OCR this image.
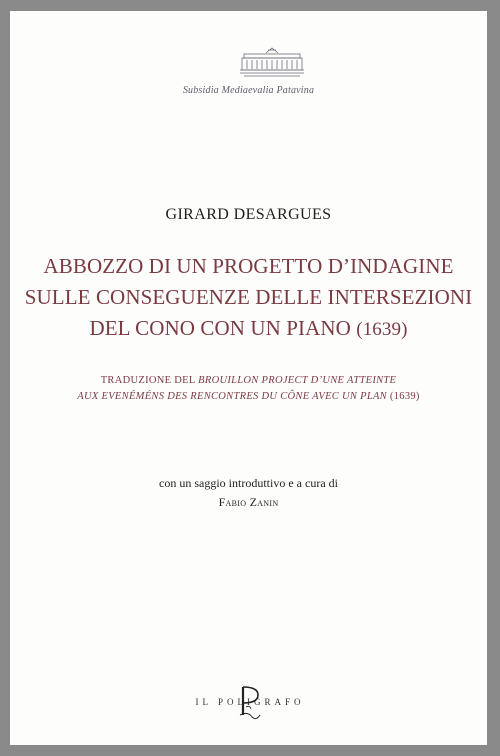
Subsidia Mediaevalia Patavina
GIRARD DESARGUES
ABBOZZO DI UN PROGETTO D’INDAGINE
SULLE CONSEGUENZE DELLE INTERSEZIONI
DEL CONO CON UN PIANO (1639)
TRADUZIONE DEL BROUILLON PROJECT D’UNE ATTEINTE
AUX EVENÉMÉNS DES RENCONTRES DU CÔNE AVEC UN PLAN (1639)
con un saggio introduttivo e a cura di
Fabio Zanin
IL POLIGRAFO
